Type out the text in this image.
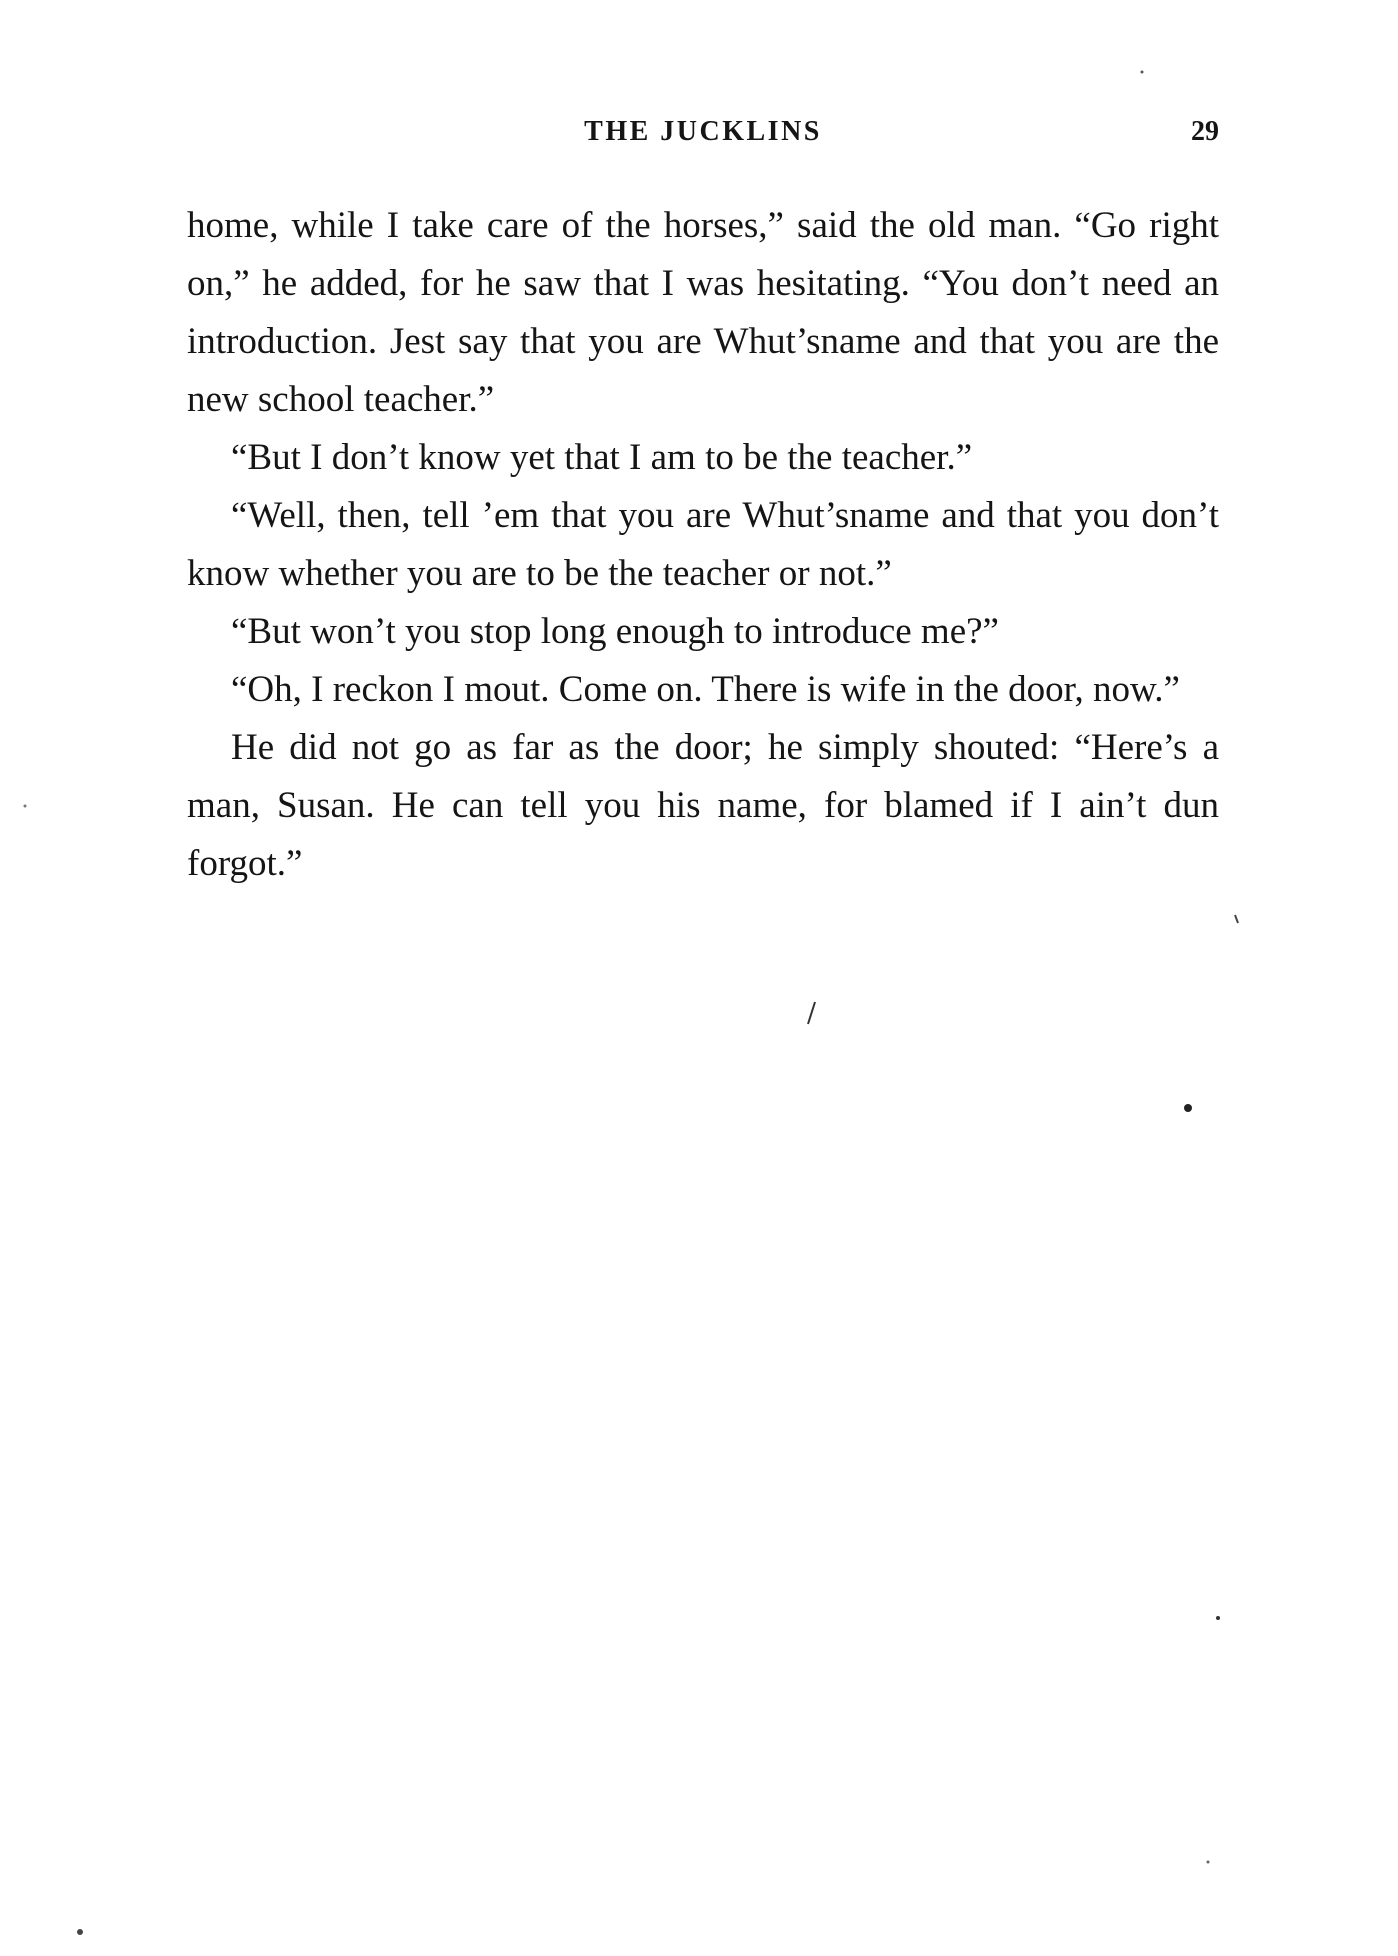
THE JUCKLINS	29

home, while I take care of the horses,” said the old man. “Go right on,” he added, for he saw that I was hesitating. “You don’t need an introduction. Jest say that you are Whut’sname and that you are the new school teacher.”

“But I don’t know yet that I am to be the teacher.”

“Well, then, tell ’em that you are Whut’sname and that you don’t know whether you are to be the teacher or not.”

“But won’t you stop long enough to introduce me?”

“Oh, I reckon I mout. Come on. There is wife in the door, now.”

He did not go as far as the door; he simply shouted: “Here’s a man, Susan. He can tell you his name, for blamed if I ain’t dun forgot.”
